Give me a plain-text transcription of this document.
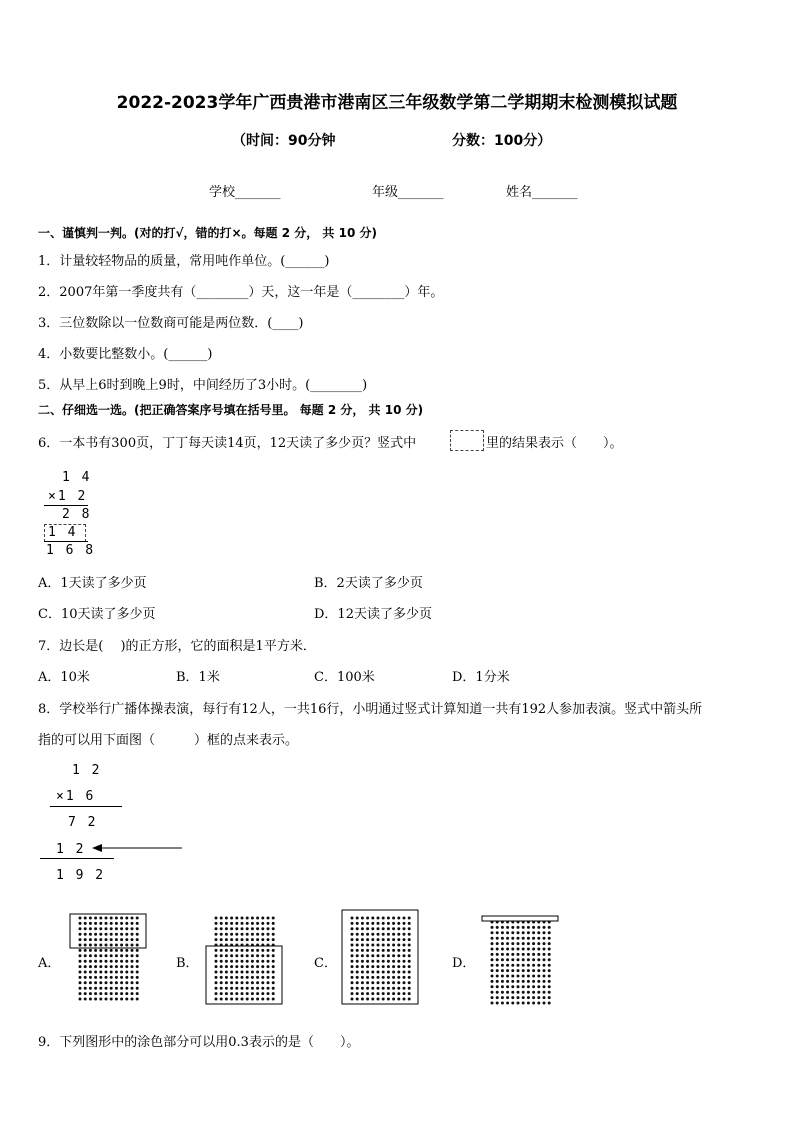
2022-2023学年广西贵港市港南区三年级数学第二学期期末检测模拟试题
（时间：90分钟	分数：100分）
学校_______	年级_______	姓名_______
一、谨慎判一判。(对的打√，错的打×。每题 2 分， 共 10 分)
1．计量较轻物品的质量，常用吨作单位。(______)
2．2007年第一季度共有（________）天，这一年是（________）年。
3．三位数除以一位数商可能是两位数．(____)
4．小数要比整数小。(______)
5．从早上6时到晚上9时，中间经历了3小时。(________)
二、仔细选一选。(把正确答案序号填在括号里。 每题 2 分， 共 10 分)
6．一本书有300页，丁丁每天读14页，12天读了多少页？竖式中	里的结果表示（　　）。
1 4
×1 2
2 8
1 4
1 6 8
A．1天读了多少页	B．2天读了多少页
C．10天读了多少页	D．12天读了多少页
7．边长是(　 )的正方形，它的面积是1平方米．
A．10米	B．1米	C．100米	D．1分米
8．学校举行广播体操表演，每行有12人，一共16行，小明通过竖式计算知道一共有192人参加表演。竖式中箭头所
指的可以用下面图（　　　）框的点来表示。
1 2
×1 6
7 2
1 2
1 9 2
A．	B．	C．	D．
9．下列图形中的涂色部分可以用0.3表示的是（　　）。
